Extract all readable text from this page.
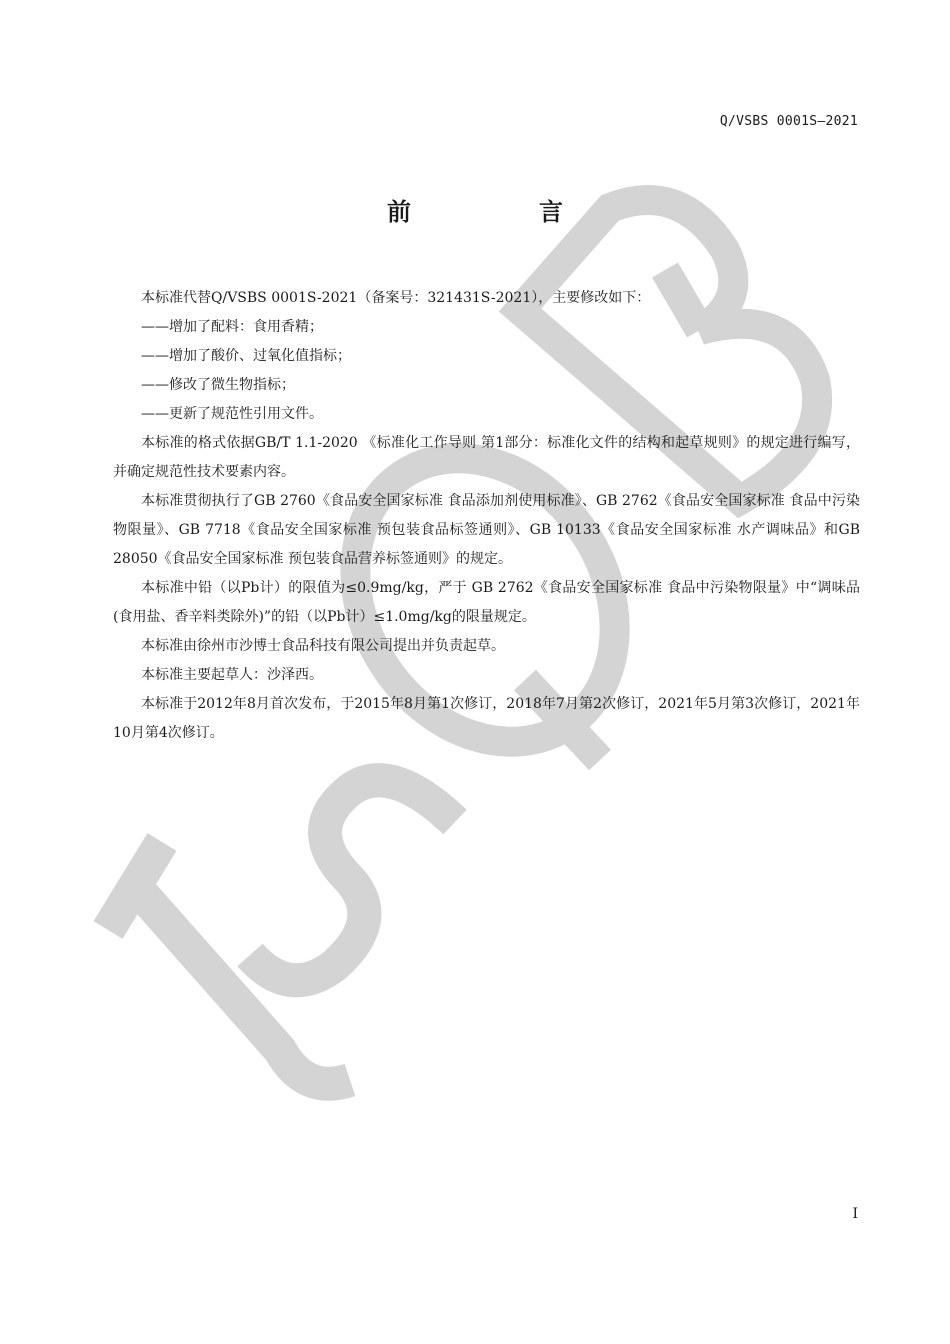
Q/VSBS 0001S—2021
前　言

本标准代替Q/VSBS 0001S-2021（备案号：321431S-2021），主要修改如下：

——增加了配料：食用香精；

——增加了酸价、过氧化值指标；

——修改了微生物指标；

——更新了规范性引用文件。

本标准的格式依据GB/T 1.1-2020 《标准化工作导则 第1部分：标准化文件的结构和起草规则》的规定进行编写，并确定规范性技术要素内容。

本标准贯彻执行了GB 2760《食品安全国家标准 食品添加剂使用标准》、GB 2762《食品安全国家标准 食品中污染物限量》、GB 7718《食品安全国家标准 预包装食品标签通则》、GB 10133《食品安全国家标准 水产调味品》和GB 28050《食品安全国家标准 预包装食品营养标签通则》的规定。

本标准中铅（以Pb计）的限值为≤0.9mg/kg，严于 GB 2762《食品安全国家标准 食品中污染物限量》中“调味品(食用盐、香辛料类除外)”的铅（以Pb计）≤1.0mg/kg的限量规定。

本标准由徐州市沙博士食品科技有限公司提出并负责起草。

本标准主要起草人：沙泽西。

本标准于2012年8月首次发布，于2015年8月第1次修订，2018年7月第2次修订，2021年5月第3次修订，2021年10月第4次修订。

I
